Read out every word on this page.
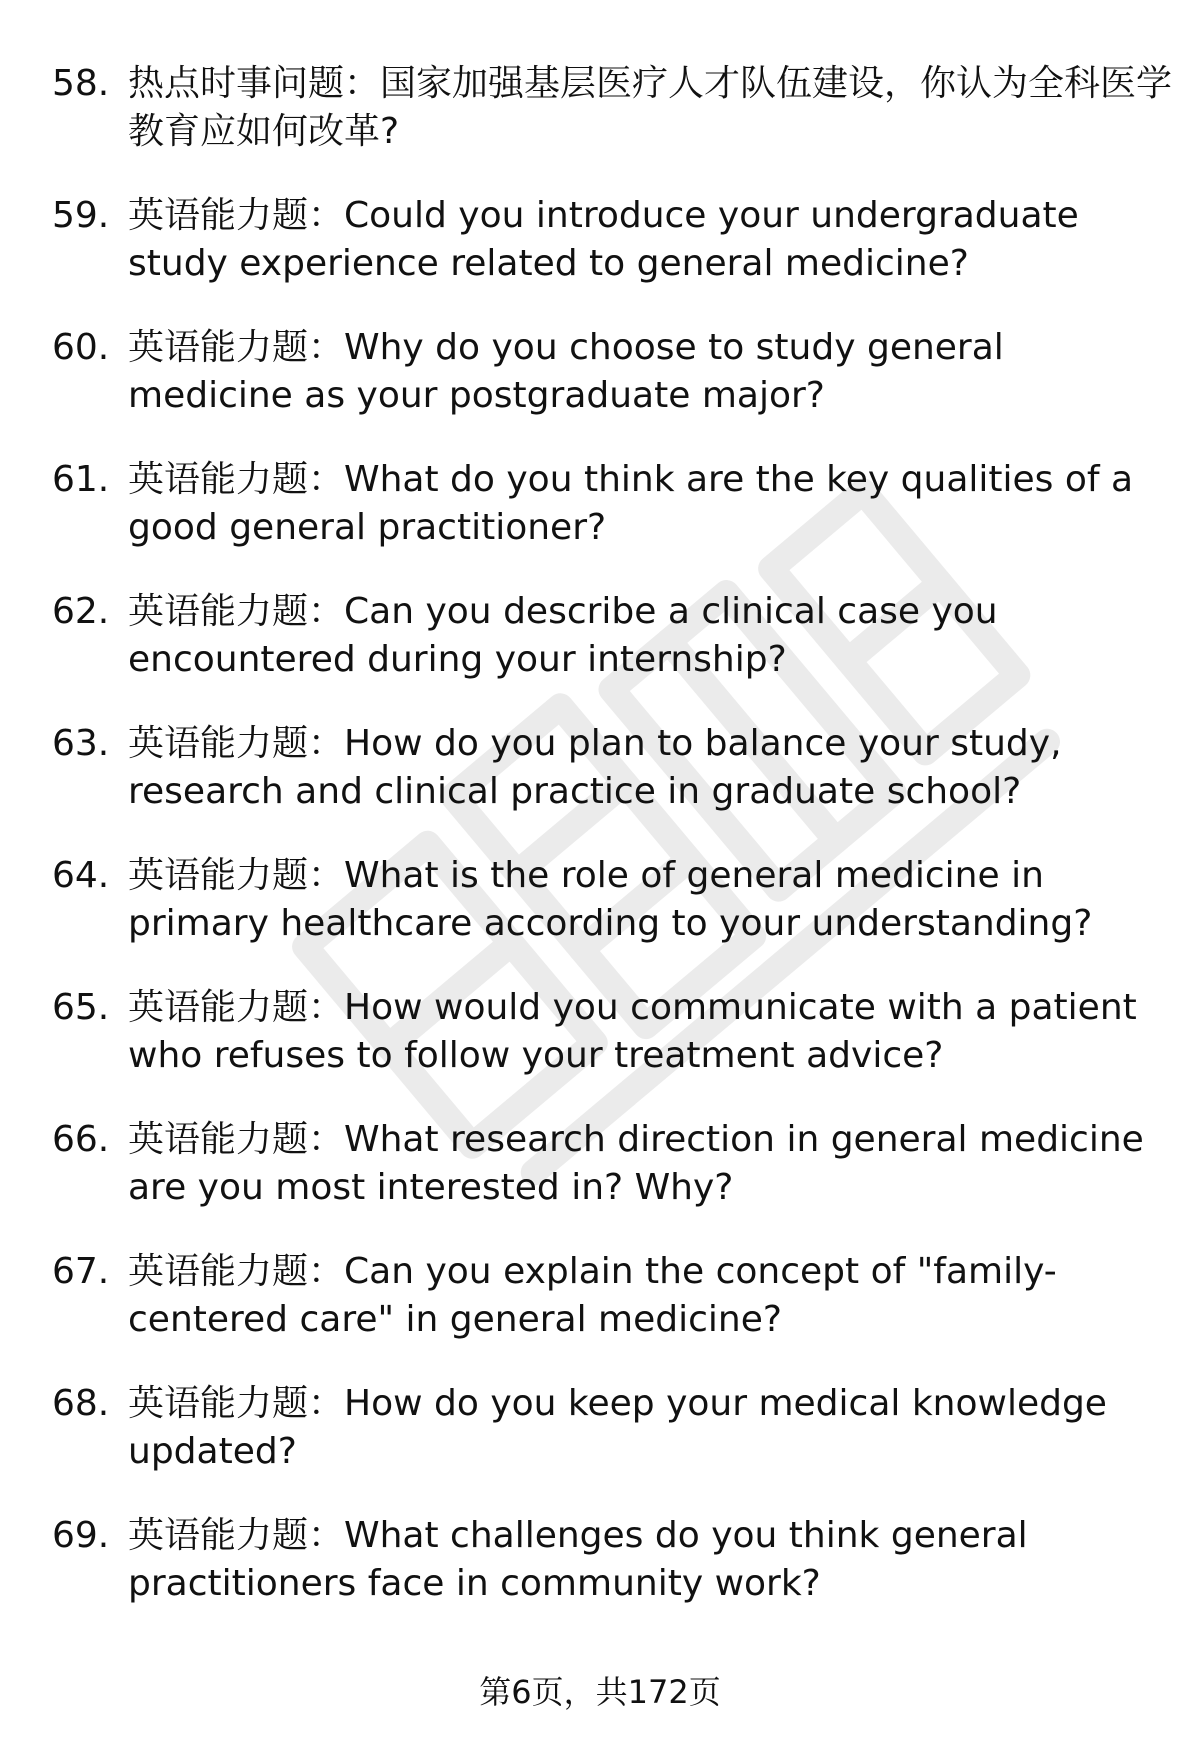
58. 热点时事问题：国家加强基层医疗人才队伍建设，你认为全科医学教育应如何改革?
59. 英语能力题：Could you introduce your undergraduate study experience related to general medicine?
60. 英语能力题：Why do you choose to study general medicine as your postgraduate major?
61. 英语能力题：What do you think are the key qualities of a good general practitioner?
62. 英语能力题：Can you describe a clinical case you encountered during your internship?
63. 英语能力题：How do you plan to balance your study, research and clinical practice in graduate school?
64. 英语能力题：What is the role of general medicine in primary healthcare according to your understanding?
65. 英语能力题：How would you communicate with a patient who refuses to follow your treatment advice?
66. 英语能力题：What research direction in general medicine are you most interested in? Why?
67. 英语能力题：Can you explain the concept of "family-centered care" in general medicine?
68. 英语能力题：How do you keep your medical knowledge updated?
69. 英语能力题：What challenges do you think general practitioners face in community work?
第6页，共172页
